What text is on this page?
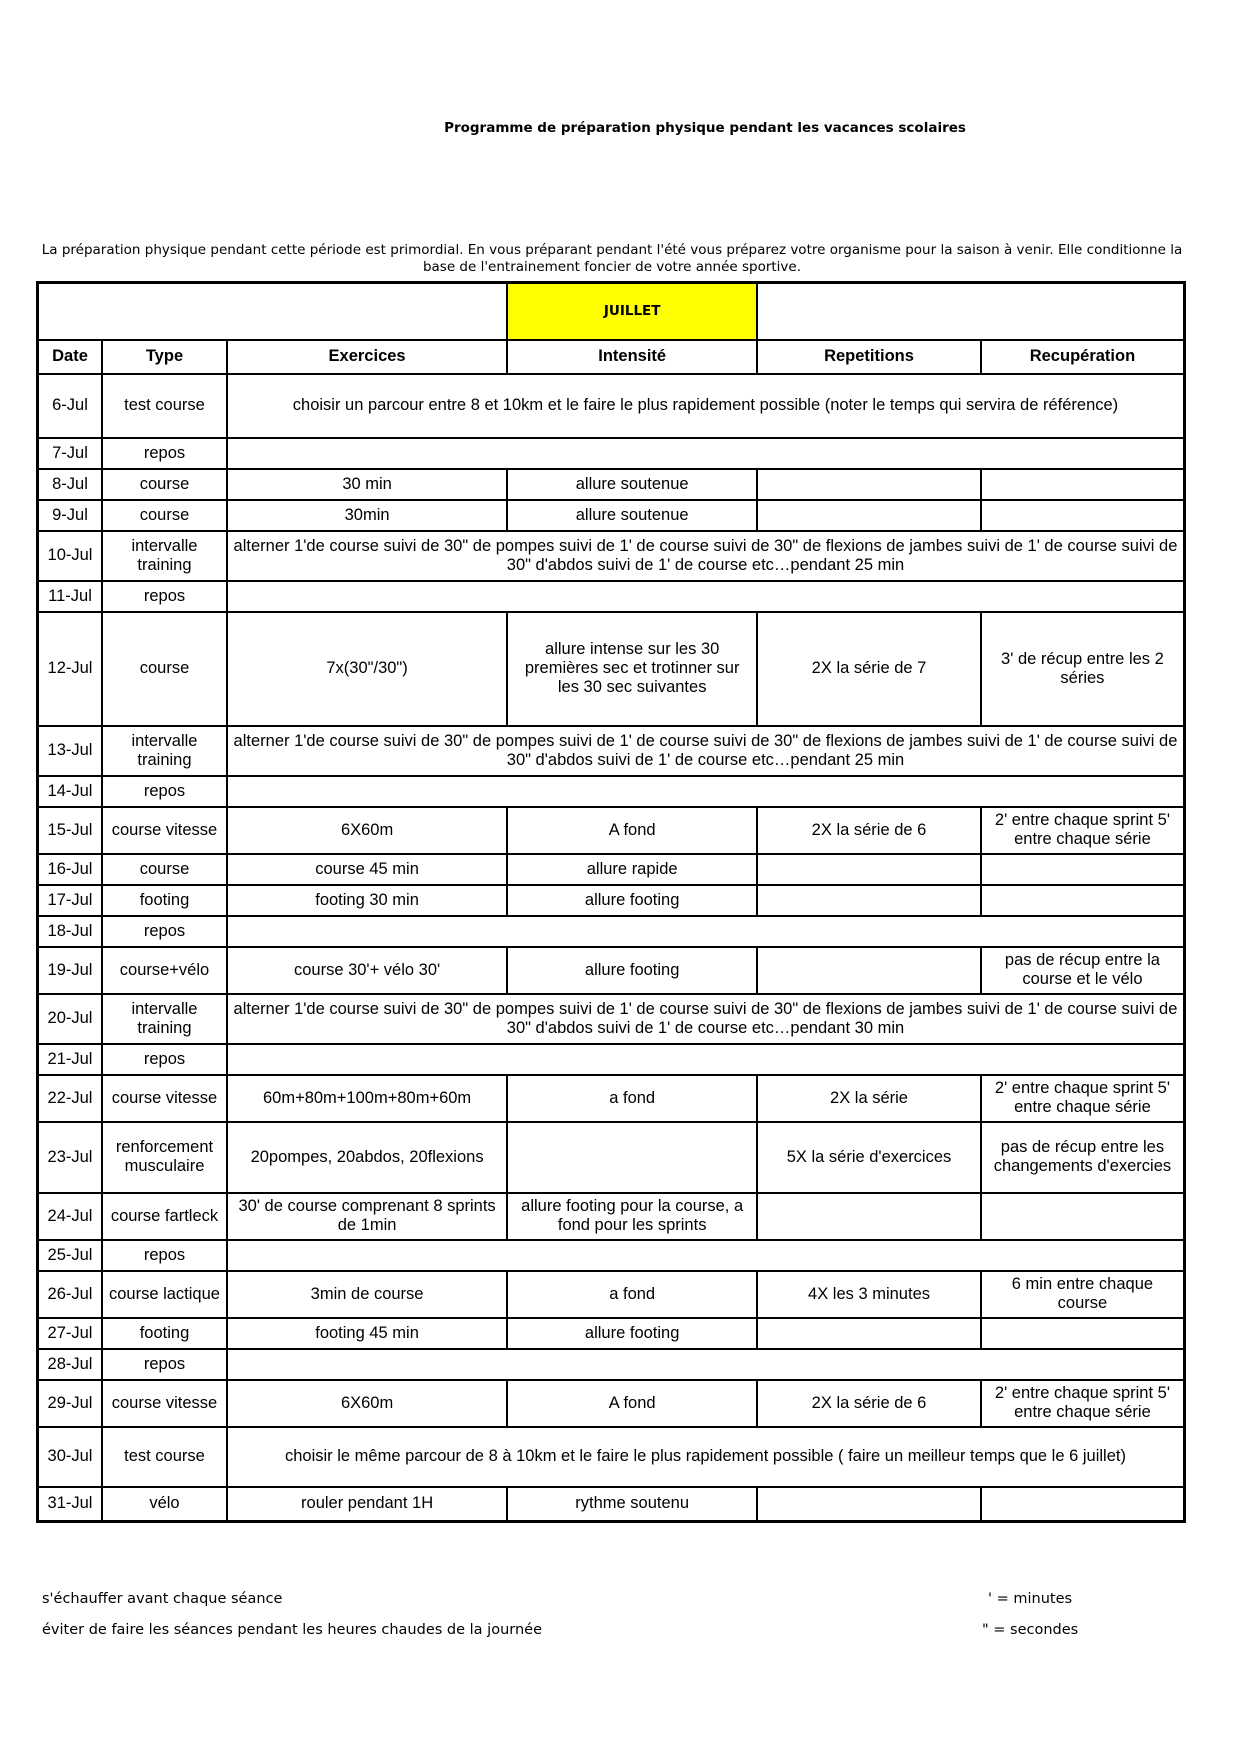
Programme de préparation physique pendant les vacances scolaires
La préparation physique pendant cette période est primordial. En vous préparant pendant l'été vous préparez votre organisme pour la saison à venir. Elle conditionne la base de l'entrainement foncier de votre année sportive.
			JUILLET		
Date	Type	Exercices	Intensité	Repetitions	Recupération
6-Jul	test course	choisir un parcour entre 8 et 10km et le faire le plus rapidement possible (noter le temps qui servira de référence)			
7-Jul	repos				
8-Jul	course	30 min	allure soutenue		
9-Jul	course	30min	allure soutenue		
10-Jul	intervalle training	alterner 1'de course suivi de 30" de pompes suivi de 1' de course suivi de 30" de flexions de jambes suivi de 1' de course suivi de 30" d'abdos suivi de 1' de course etc…pendant 25 min			
11-Jul	repos				
12-Jul	course	7x(30"/30")	allure intense sur les 30 premières sec et trotinner sur les 30 sec suivantes	2X la série de 7	3' de récup entre les 2 séries
13-Jul	intervalle training	alterner 1'de course suivi de 30" de pompes suivi de 1' de course suivi de 30" de flexions de jambes suivi de 1' de course suivi de 30" d'abdos suivi de 1' de course etc…pendant 25 min			
14-Jul	repos				
15-Jul	course vitesse	6X60m	A fond	2X la série de 6	2' entre chaque sprint 5' entre chaque série
16-Jul	course	course 45 min	allure rapide		
17-Jul	footing	footing 30 min	allure footing		
18-Jul	repos				
19-Jul	course+vélo	course 30'+ vélo 30'	allure footing		pas de récup entre la course et le vélo
20-Jul	intervalle training	alterner 1'de course suivi de 30" de pompes suivi de 1' de course suivi de 30" de flexions de jambes suivi de 1' de course suivi de 30" d'abdos suivi de 1' de course etc…pendant 30 min			
21-Jul	repos				
22-Jul	course vitesse	60m+80m+100m+80m+60m	a fond	2X la série	2' entre chaque sprint 5' entre chaque série
23-Jul	renforcement musculaire	20pompes, 20abdos, 20flexions		5X la série d'exercices	pas de récup entre les changements d'exercies
24-Jul	course fartleck	30' de course comprenant 8 sprints de 1min	allure footing pour la course, a fond pour les sprints		
25-Jul	repos				
26-Jul	course lactique	3min de course	a fond	4X les 3 minutes	6 min entre chaque course
27-Jul	footing	footing 45 min	allure footing		
28-Jul	repos				
29-Jul	course vitesse	6X60m	A fond	2X la série de 6	2' entre chaque sprint 5' entre chaque série
30-Jul	test course	choisir le même parcour de 8 à 10km et le faire le plus rapidement possible ( faire un meilleur temps que le 6 juillet)			
31-Jul	vélo	rouler pendant 1H	rythme soutenu		
s'échauffer avant chaque séance
éviter de faire les séances pendant les heures chaudes de la journée
' = minutes
" = secondes
